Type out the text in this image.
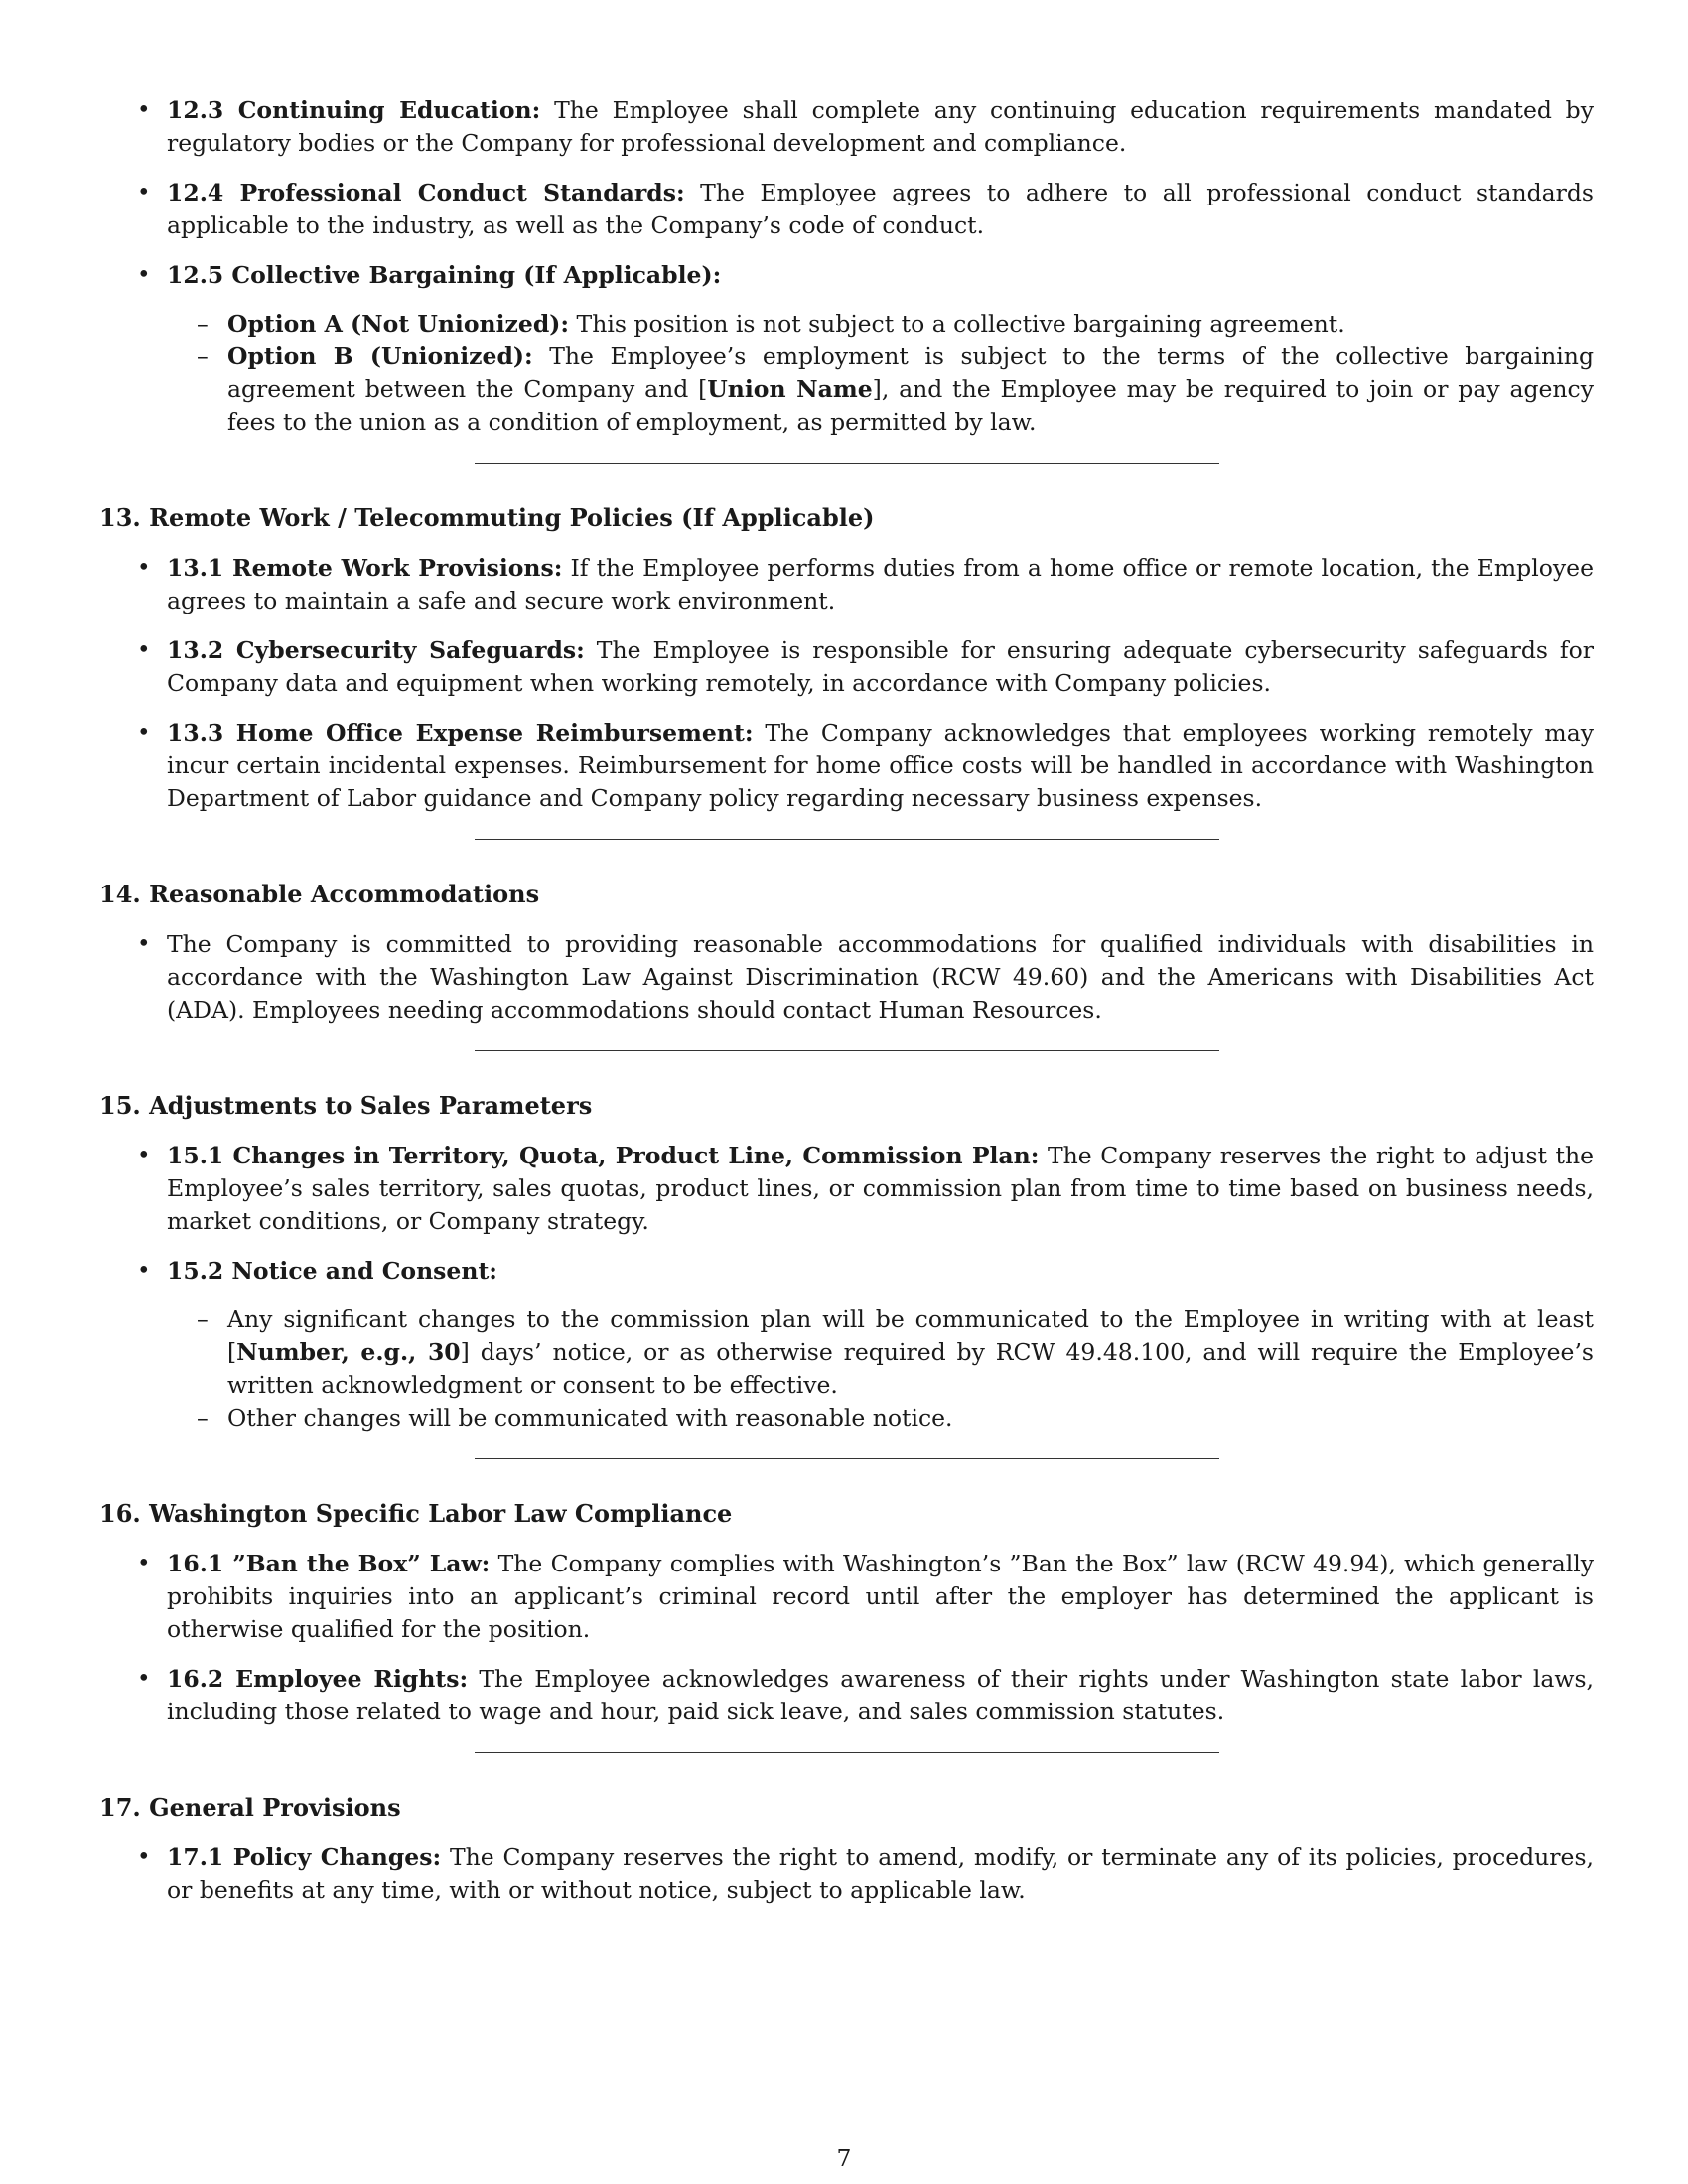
• 12.3 Continuing Education: The Employee shall complete any continuing education requirements mandated by regulatory bodies or the Company for professional development and compliance.
• 12.4 Professional Conduct Standards: The Employee agrees to adhere to all professional conduct standards applicable to the industry, as well as the Company’s code of conduct.
• 12.5 Collective Bargaining (If Applicable):
– Option A (Not Unionized): This position is not subject to a collective bargaining agreement.
– Option B (Unionized): The Employee’s employment is subject to the terms of the collective bargaining agreement between the Company and [Union Name], and the Employee may be required to join or pay agency fees to the union as a condition of employment, as permitted by law.
13. Remote Work / Telecommuting Policies (If Applicable)
• 13.1 Remote Work Provisions: If the Employee performs duties from a home office or remote location, the Employee agrees to maintain a safe and secure work environment.
• 13.2 Cybersecurity Safeguards: The Employee is responsible for ensuring adequate cybersecurity safeguards for Company data and equipment when working remotely, in accordance with Company policies.
• 13.3 Home Office Expense Reimbursement: The Company acknowledges that employees working remotely may incur certain incidental expenses. Reimbursement for home office costs will be handled in accordance with Washington Department of Labor guidance and Company policy regarding necessary business expenses.
14. Reasonable Accommodations
• The Company is committed to providing reasonable accommodations for qualified individuals with disabilities in accordance with the Washington Law Against Discrimination (RCW 49.60) and the Americans with Disabilities Act (ADA). Employees needing accommodations should contact Human Resources.
15. Adjustments to Sales Parameters
• 15.1 Changes in Territory, Quota, Product Line, Commission Plan: The Company reserves the right to adjust the Employee’s sales territory, sales quotas, product lines, or commission plan from time to time based on business needs, market conditions, or Company strategy.
• 15.2 Notice and Consent:
– Any significant changes to the commission plan will be communicated to the Employee in writing with at least [Number, e.g., 30] days’ notice, or as otherwise required by RCW 49.48.100, and will require the Employee’s written acknowledgment or consent to be effective.
– Other changes will be communicated with reasonable notice.
16. Washington Specific Labor Law Compliance
• 16.1 ”Ban the Box” Law: The Company complies with Washington’s ”Ban the Box” law (RCW 49.94), which generally prohibits inquiries into an applicant’s criminal record until after the employer has determined the applicant is otherwise qualified for the position.
• 16.2 Employee Rights: The Employee acknowledges awareness of their rights under Washington state labor laws, including those related to wage and hour, paid sick leave, and sales commission statutes.
17. General Provisions
• 17.1 Policy Changes: The Company reserves the right to amend, modify, or terminate any of its policies, procedures, or benefits at any time, with or without notice, subject to applicable law.
7
